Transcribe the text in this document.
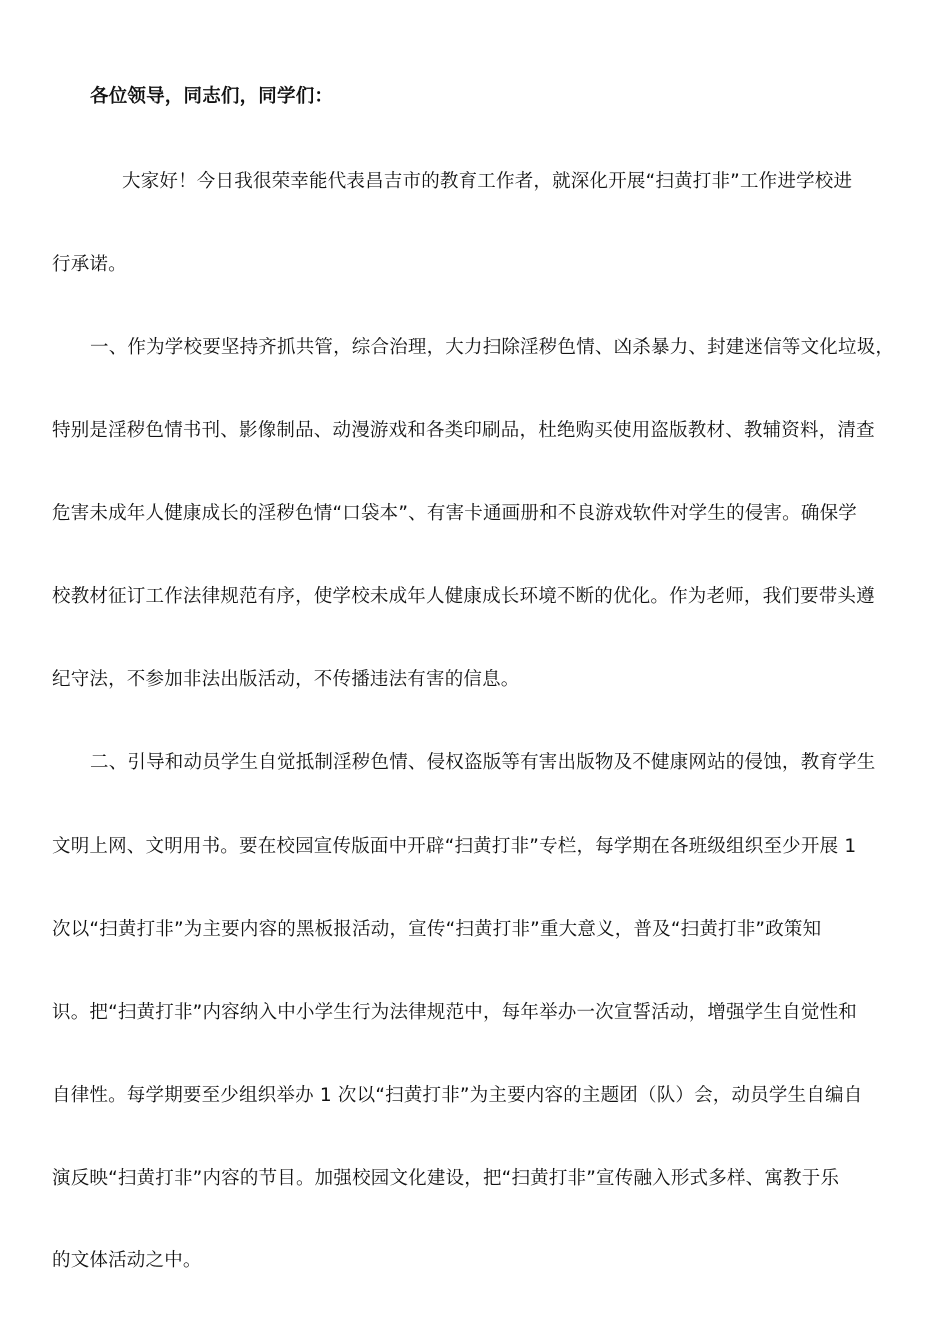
各位领导，同志们，同学们：
大家好！今日我很荣幸能代表昌吉市的教育工作者，就深化开展“扫黄打非”工作进学校进
行承诺。
一、作为学校要坚持齐抓共管，综合治理，大力扫除淫秽色情、凶杀暴力、封建迷信等文化垃圾，
特别是淫秽色情书刊、影像制品、动漫游戏和各类印刷品，杜绝购买使用盗版教材、教辅资料，清查
危害未成年人健康成长的淫秽色情“口袋本”、有害卡通画册和不良游戏软件对学生的侵害。确保学
校教材征订工作法律规范有序，使学校未成年人健康成长环境不断的优化。作为老师，我们要带头遵
纪守法，不参加非法出版活动，不传播违法有害的信息。
二、引导和动员学生自觉抵制淫秽色情、侵权盗版等有害出版物及不健康网站的侵蚀，教育学生
文明上网、文明用书。要在校园宣传版面中开辟“扫黄打非”专栏，每学期在各班级组织至少开展 1
次以“扫黄打非”为主要内容的黑板报活动，宣传“扫黄打非”重大意义，普及“扫黄打非”政策知
识。把“扫黄打非”内容纳入中小学生行为法律规范中，每年举办一次宣誓活动，增强学生自觉性和
自律性。每学期要至少组织举办 1 次以“扫黄打非”为主要内容的主题团（队）会，动员学生自编自
演反映“扫黄打非”内容的节目。加强校园文化建设，把“扫黄打非”宣传融入形式多样、寓教于乐
的文体活动之中。
